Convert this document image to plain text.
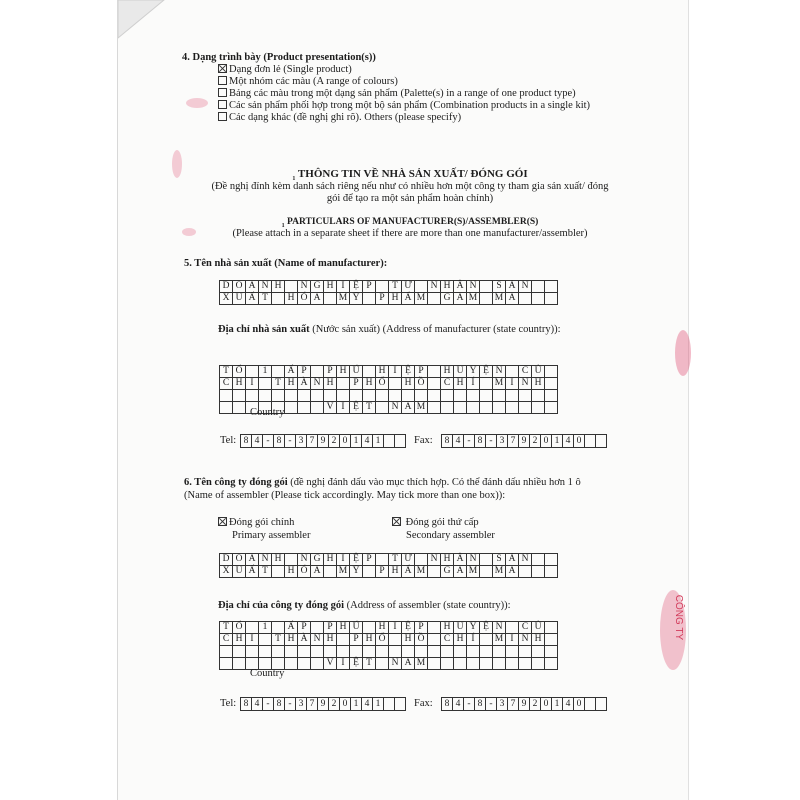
CÔNG TY
4. Dạng trình bày (Product presentation(s))
Dạng đơn lẻ (Single product)
Một nhóm các màu (A range of colours)
Bảng các màu trong một dạng sản phẩm (Palette(s) in a range of one product type)
Các sản phẩm phối hợp trong một bộ sản phẩm (Combination products in a single kit)
Các dạng khác (đề nghị ghi rõ). Others (please specify)
$_1$ THÔNG TIN VỀ NHÀ SẢN XUẤT/ ĐÓNG GÓI
(Đề nghị đính kèm danh sách riêng nếu như có nhiều hơn một công ty tham gia sản xuất/ đóng
gói để tạo ra một sản phẩm hoàn chỉnh)
$_1$ PARTICULARS OF MANUFACTURER(S)/ASSEMBLER(S)
(Please attach in a separate sheet if there are more than one manufacturer/assembler)
5. Tên nhà sản xuất (Name of manufacturer):
D	O	A	N	H		N	G	H	I	Ệ	P		T	Ư		N	H	Â	N		S	Ả	N		
X	U	Ấ	T		H	Ó	A		M	Ỹ		P	H	Ẩ	M		G	A	M		M	A			
Địa chỉ nhà sản xuất (Nước sản xuất) (Address of manufacturer (state country)):
T	Ổ		1		Ấ	P		P	H	Ú		H	I	Ệ	P		H	U	Y	Ệ	N		C	Ủ	
C	H	I		T	H	À	N	H		P	H	Ố		H	Ồ		C	H	Í		M	I	N	H	

								V	I	Ệ	T		N	A	M										
Country
Tel: 8 4 - 8 - 3 7 9 2 0 1 4 1	Fax: 8 4 - 8 - 3 7 9 2 0 1 4 0
6. Tên công ty đóng gói (đề nghị đánh dấu vào mục thích hợp. Có thể đánh dấu nhiều hơn 1 ô
(Name of assembler (Please tick accordingly. May tick more than one box)):
Đóng gói chính
Primary assembler
Đóng gói thứ cấp
Secondary assembler
D	O	A	N	H		N	G	H	I	Ệ	P		T	Ư		N	H	Â	N		S	Ả	N		
X	U	Ấ	T		H	Ó	A		M	Ỹ		P	H	Ẩ	M		G	A	M		M	A			
Địa chỉ của công ty đóng gói (Address of assembler (state country)):
T	Ổ		1		Ấ	P		P	H	Ú		H	I	Ệ	P		H	U	Y	Ệ	N		C	Ủ	
C	H	I		T	H	À	N	H		P	H	Ố		H	Ồ		C	H	Í		M	I	N	H	

								V	I	Ệ	T		N	A	M										
Country
Tel: 8 4 - 8 - 3 7 9 2 0 1 4 1	Fax: 8 4 - 8 - 3 7 9 2 0 1 4 0
